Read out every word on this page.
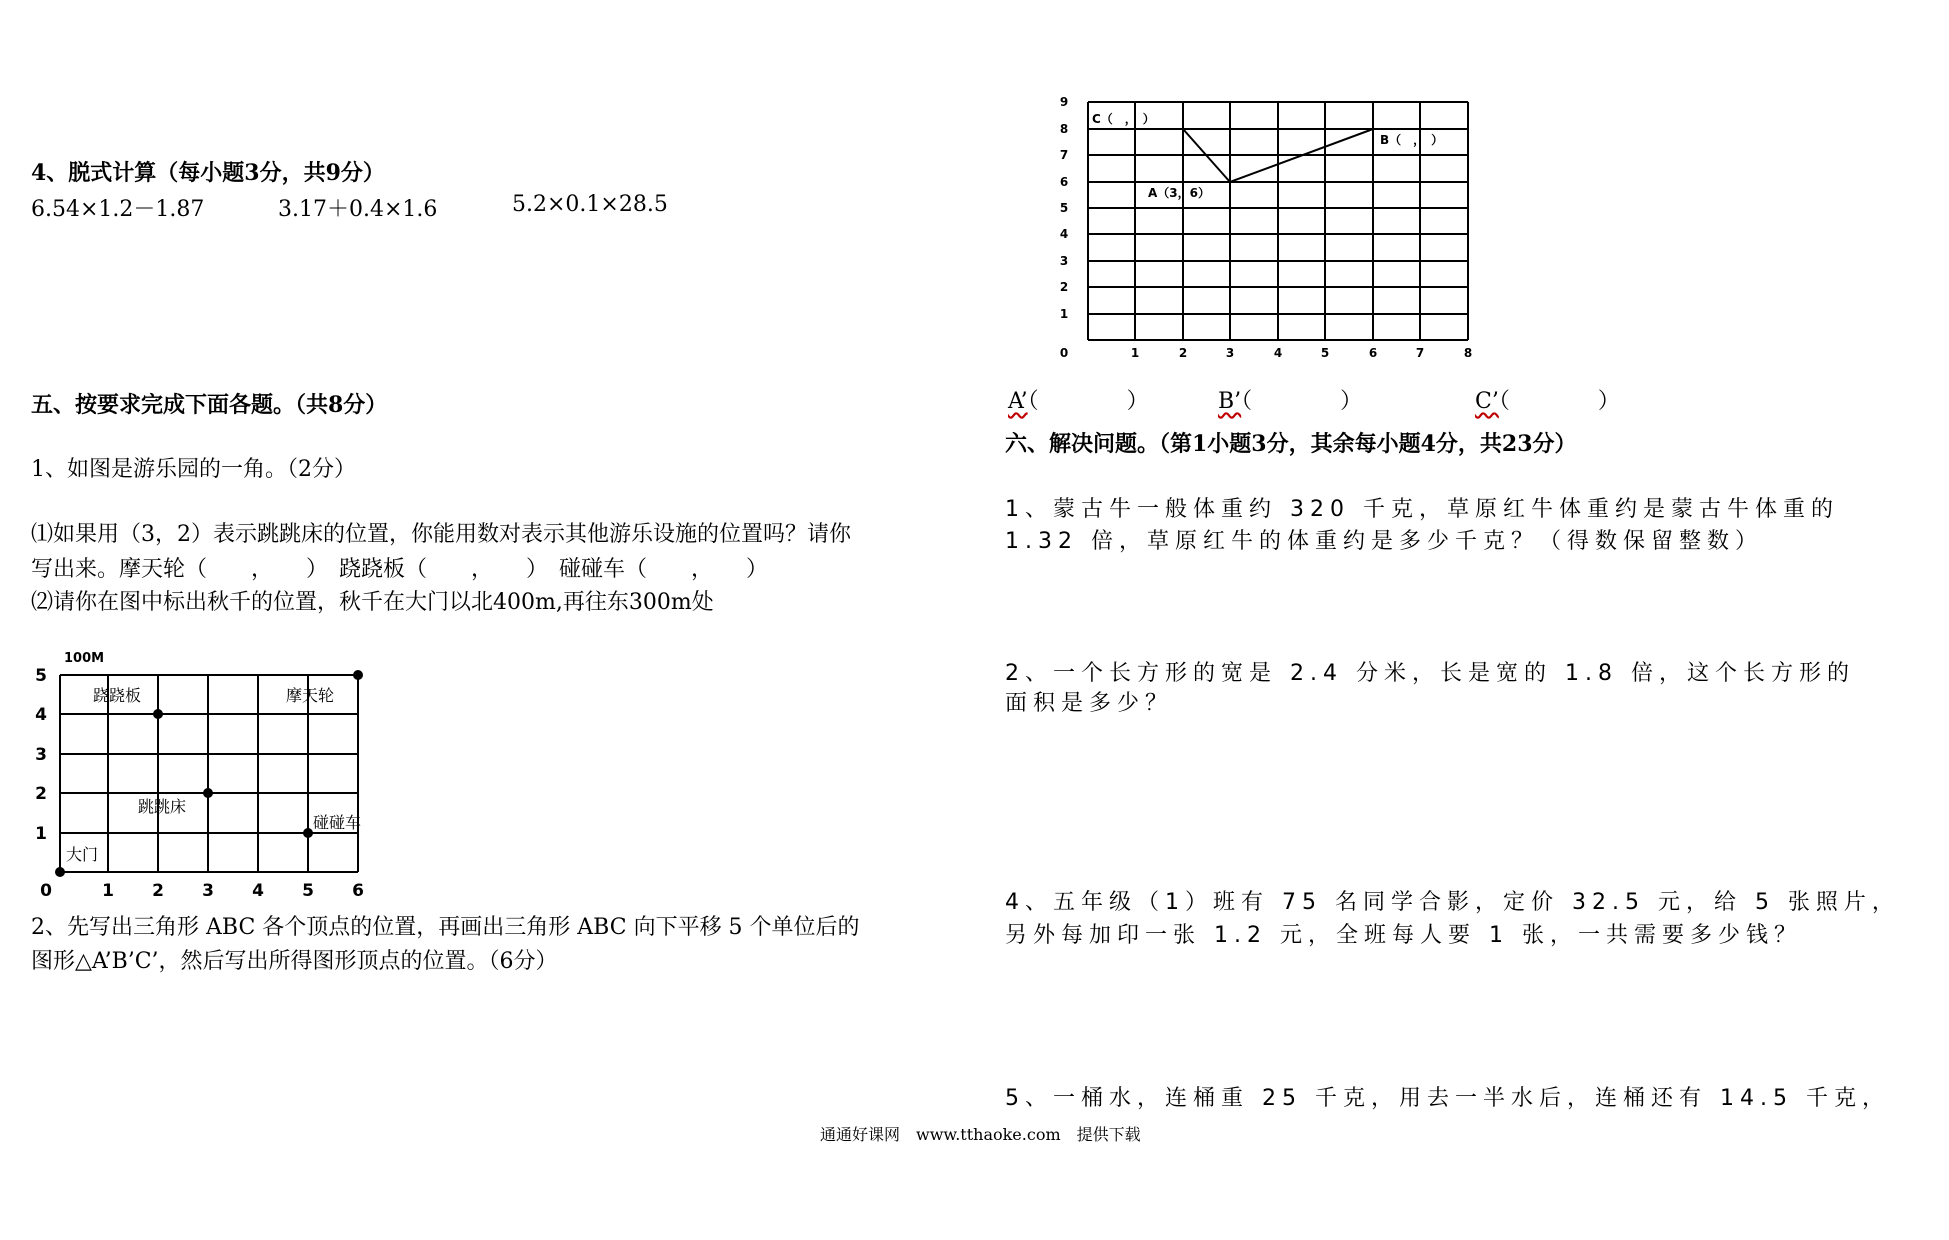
4、脱式计算（每小题3分，共9分）
6.54×1.2－1.87	3.17＋0.4×1.6	5.2×0.1×28.5
五、按要求完成下面各题。（共8分）
1、如图是游乐园的一角。（2分）
⑴如果用（3，2）表示跳跳床的位置，你能用数对表示其他游乐设施的位置吗？请你
写出来。摩天轮（　　，　　）　跷跷板（　　，　　）　碰碰车（　　，　　）
⑵请你在图中标出秋千的位置，秋千在大门以北400m,再往东300m处
100M
0	1 2 3 4 5 6
1
2
3
4
5
跷跷板	摩天轮
跳跳床
碰碰车
大门
2、先写出三角形 ABC 各个顶点的位置，再画出三角形 ABC 向下平移 5 个单位后的
图形△A’B’C’，然后写出所得图形顶点的位置。（6分）
0	1	2	3	4	5	6	7	8
1
2
3
4
5
6
7
8
9
C（　，　）
B（　，　）
A（3，6）
A’（　　　　）	B’（　　　　）	C’（　　　　）
六、解决问题。（第1小题3分，其余每小题4分，共23分）
1、蒙古牛一般体重约 320 千克，草原红牛体重约是蒙古牛体重的
1.32 倍，草原红牛的体重约是多少千克？（得数保留整数）
2、一个长方形的宽是 2.4 分米，长是宽的 1.8 倍，这个长方形的
面积是多少？
4、五年级（1）班有 75 名同学合影，定价 32.5 元，给 5 张照片，
另外每加印一张 1.2 元，全班每人要 1 张，一共需要多少钱？
5、一桶水，连桶重 25 千克，用去一半水后，连桶还有 14.5 千克，
通通好课网　www.tthaoke.com　提供下载
